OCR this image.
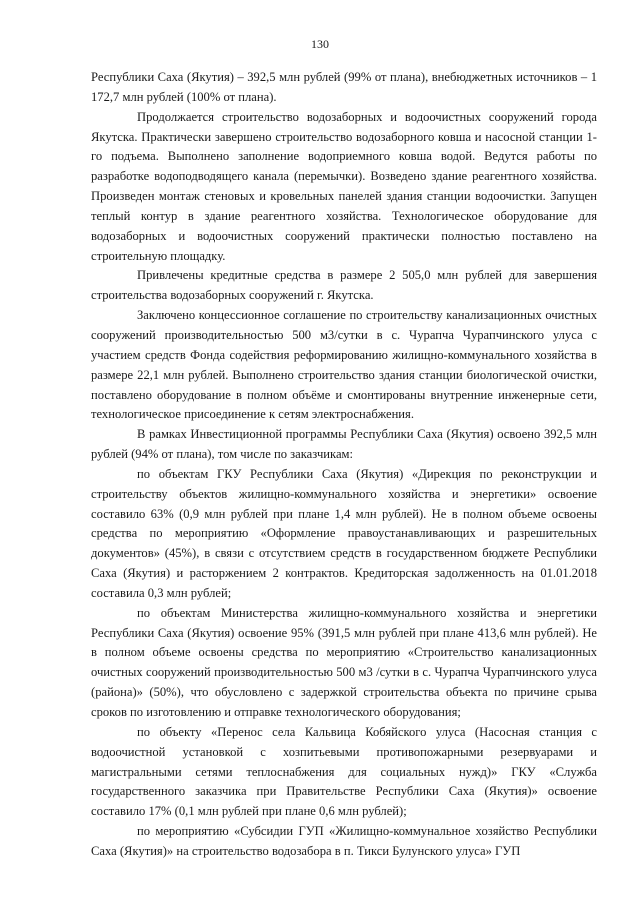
130

Республики Саха (Якутия) – 392,5 млн рублей (99% от плана), внебюджетных источников – 1 172,7 млн рублей (100% от плана).

Продолжается строительство водозаборных и водоочистных сооружений города Якутска. Практически завершено строительство водозаборного ковша и насосной станции 1-го подъема. Выполнено заполнение водоприемного ковша водой. Ведутся работы по разработке водоподводящего канала (перемычки). Возведено здание реагентного хозяйства. Произведен монтаж стеновых и кровельных панелей здания станции водоочистки. Запущен теплый контур в здание реагентного хозяйства. Технологическое оборудование для водозаборных и водоочистных сооружений практически полностью поставлено на строительную площадку.

Привлечены кредитные средства в размере 2 505,0 млн рублей для завершения строительства водозаборных сооружений г. Якутска.

Заключено концессионное соглашение по строительству канализационных очистных сооружений производительностью 500 м3/сутки в с. Чурапча Чурапчинского улуса с участием средств Фонда содействия реформированию жилищно-коммунального хозяйства в размере 22,1 млн рублей. Выполнено строительство здания станции биологической очистки, поставлено оборудование в полном объёме и смонтированы внутренние инженерные сети, технологическое присоединение к сетям электроснабжения.

В рамках Инвестиционной программы Республики Саха (Якутия) освоено 392,5 млн рублей (94% от плана), том числе по заказчикам:

по объектам ГКУ Республики Саха (Якутия) «Дирекция по реконструкции и строительству объектов жилищно-коммунального хозяйства и энергетики» освоение составило 63% (0,9 млн рублей при плане 1,4 млн рублей). Не в полном объеме освоены средства по мероприятию «Оформление правоустанавливающих и разрешительных документов» (45%), в связи с отсутствием средств в государственном бюджете Республики Саха (Якутия) и расторжением 2 контрактов. Кредиторская задолженность на 01.01.2018 составила 0,3 млн рублей;

по объектам Министерства жилищно-коммунального хозяйства и энергетики Республики Саха (Якутия) освоение 95% (391,5 млн рублей при плане 413,6 млн рублей). Не в полном объеме освоены средства по мероприятию «Строительство канализационных очистных сооружений производительностью 500 м3 /сутки в с. Чурапча Чурапчинского улуса (района)» (50%), что обусловлено с задержкой строительства объекта по причине срыва сроков по изготовлению и отправке технологического оборудования;

по объекту «Перенос села Кальвица Кобяйского улуса (Насосная станция с водоочистной установкой с хозпитьевыми противопожарными резервуарами и магистральными сетями теплоснабжения для социальных нужд)» ГКУ «Служба государственного заказчика при Правительстве Республики Саха (Якутия)» освоение составило 17% (0,1 млн рублей при плане 0,6 млн рублей);

по мероприятию «Субсидии ГУП «Жилищно-коммунальное хозяйство Республики Саха (Якутия)» на строительство водозабора в п. Тикси Булунского улуса» ГУП
